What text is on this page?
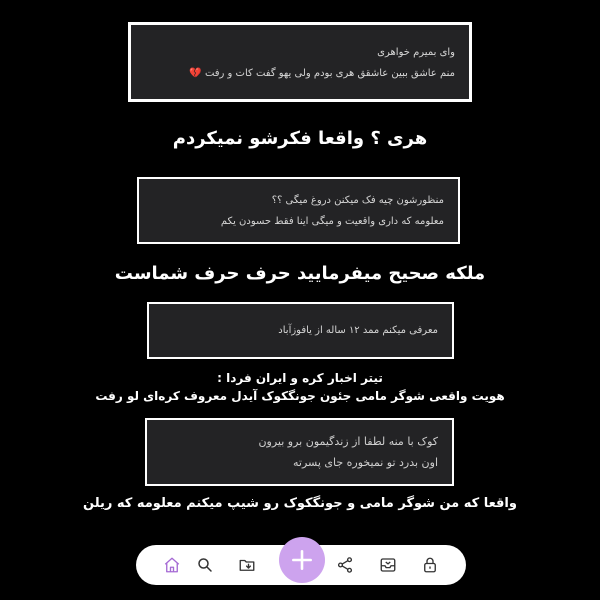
وای بمیرم خواهری
منم عاشق ببین عاشقق هری بودم ولی یهو گفت کات و رفت 💔
هری ؟ واقعا فکرشو نمیکردم
منظورشون چیه فک میکنن دروغ میگی ؟؟
معلومه که داری واقعیت و میگی اینا فقط حسودن یکم
ملکه صحیح میفرمایید حرف حرف شماست
معرفی میکنم ممد ۱۲ ساله از یافوزآباد
تیتر اخبار کره و ایران فردا :
هویت واقعی شوگر مامی جئون جونگکوک آیدل معروف کره‌ای لو رفت
کوک با منه لطفا از زندگیمون برو بیرون
اون بدرد تو نمیخوره جای پسرته
واقعا که من شوگر مامی و جونگکوک رو شیپ میکنم معلومه که ریلن
